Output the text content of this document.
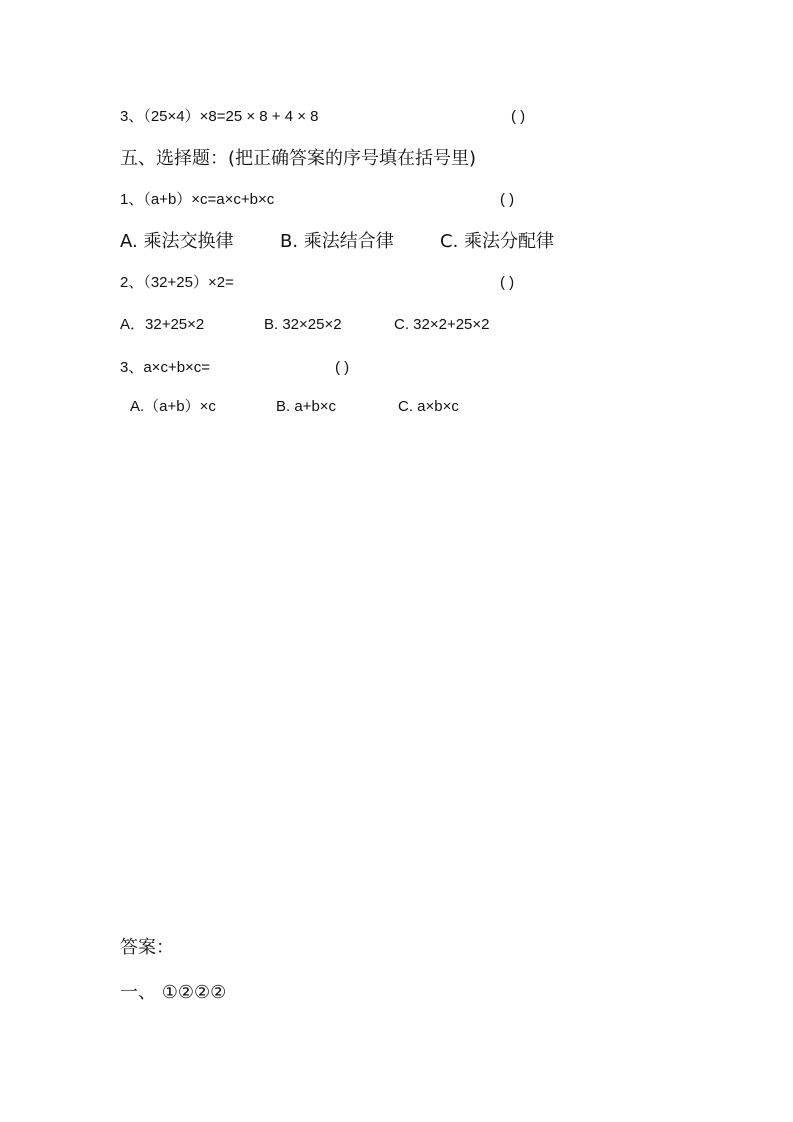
3、（25×4）×8=25 × 8 + 4 × 8	( )
五、选择题：(把正确答案的序号填在括号里)
1、（a+b）×c=a×c+b×c	( )
A. 乘法交换律	B. 乘法结合律	C. 乘法分配律
2、（32+25）×2=	( )
A．32+25×2	B. 32×25×2	C. 32×2+25×2
3、a×c+b×c=	( )
A.（a+b）×c	B. a+b×c	C. a×b×c
答案：
一、 ①②②②
